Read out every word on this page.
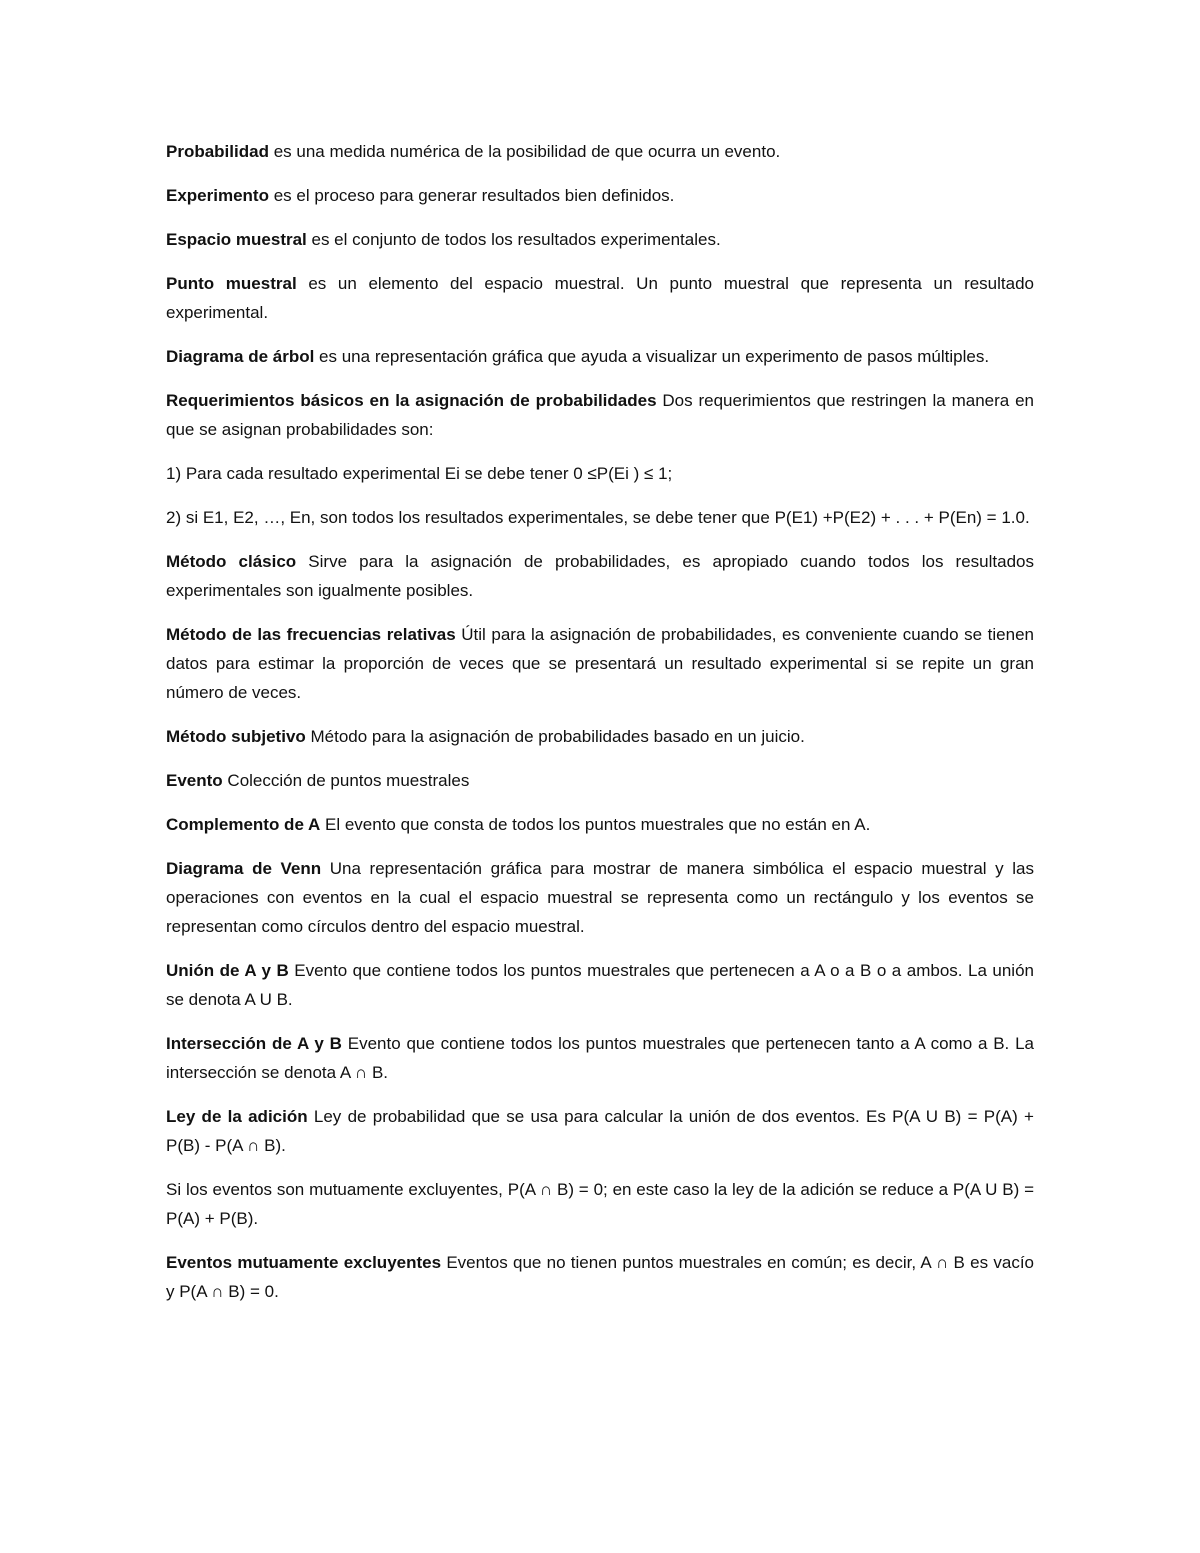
Probabilidad es una medida numérica de la posibilidad de que ocurra un evento.

Experimento es el proceso para generar resultados bien definidos.

Espacio muestral es el conjunto de todos los resultados experimentales.

Punto muestral es un elemento del espacio muestral. Un punto muestral que representa un resultado experimental.

Diagrama de árbol es una representación gráfica que ayuda a visualizar un experimento de pasos múltiples.

Requerimientos básicos en la asignación de probabilidades Dos requerimientos que restringen la manera en que se asignan probabilidades son:

1) Para cada resultado experimental Ei se debe tener 0 ≤P(Ei ) ≤ 1;

2) si E1, E2, …, En, son todos los resultados experimentales, se debe tener que P(E1) +P(E2) + . . . + P(En) = 1.0.

Método clásico Sirve para la asignación de probabilidades, es apropiado cuando todos los resultados experimentales son igualmente posibles.

Método de las frecuencias relativas Útil para la asignación de probabilidades, es conveniente cuando se tienen datos para estimar la proporción de veces que se presentará un resultado experimental si se repite un gran número de veces.

Método subjetivo Método para la asignación de probabilidades basado en un juicio.

Evento Colección de puntos muestrales

Complemento de A El evento que consta de todos los puntos muestrales que no están en A.

Diagrama de Venn Una representación gráfica para mostrar de manera simbólica el espacio muestral y las operaciones con eventos en la cual el espacio muestral se representa como un rectángulo y los eventos se representan como círculos dentro del espacio muestral.

Unión de A y B Evento que contiene todos los puntos muestrales que pertenecen a A o a B o a ambos. La unión se denota A U B.

Intersección de A y B Evento que contiene todos los puntos muestrales que pertenecen tanto a A como a B. La intersección se denota A ∩ B.

Ley de la adición Ley de probabilidad que se usa para calcular la unión de dos eventos. Es P(A U B) = P(A) + P(B) - P(A ∩ B).

Si los eventos son mutuamente excluyentes, P(A ∩ B) = 0; en este caso la ley de la adición se reduce a P(A U B) = P(A) + P(B).

Eventos mutuamente excluyentes Eventos que no tienen puntos muestrales en común; es decir, A ∩ B es vacío y P(A ∩ B) = 0.
